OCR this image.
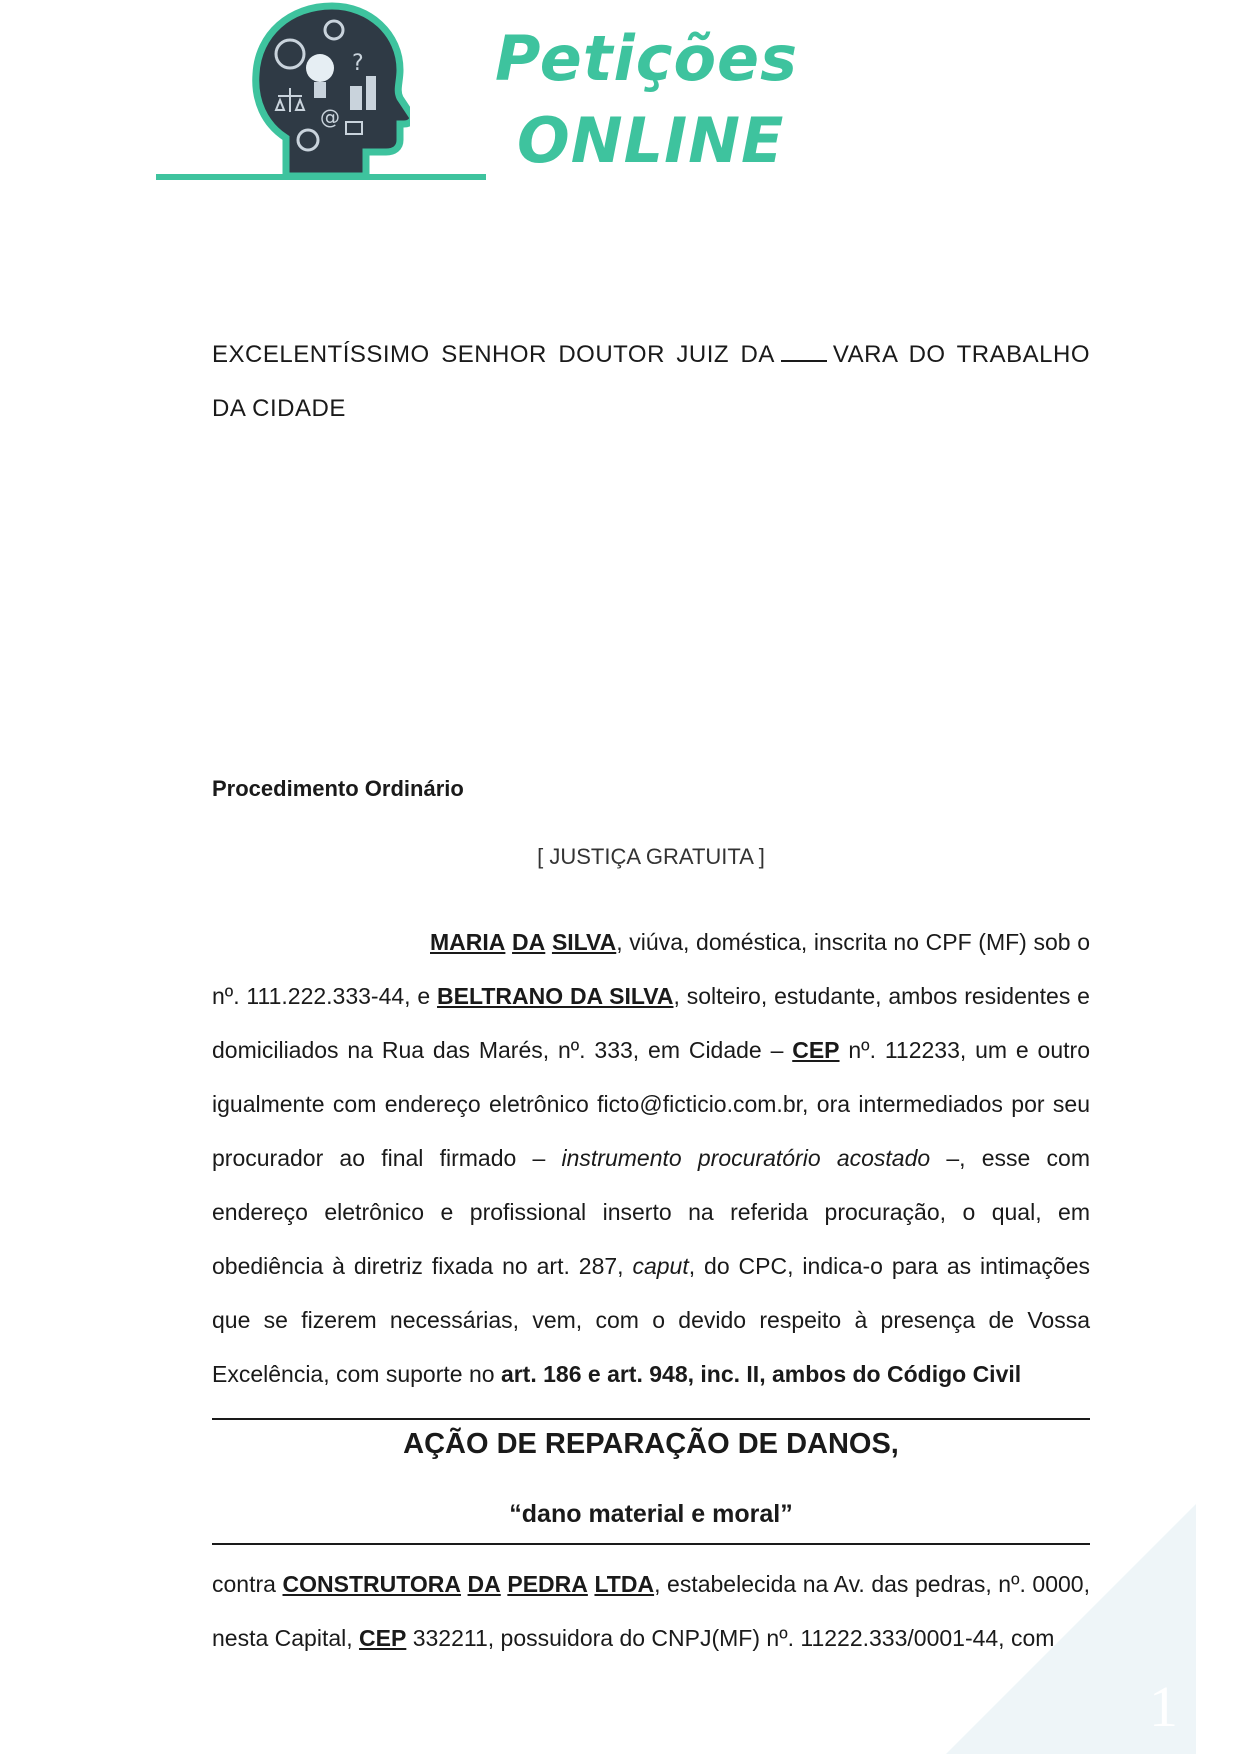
?
@
Petições
ONLINE
EXCELENTÍSSIMO SENHOR DOUTOR JUIZ DA VARA DO TRABALHO DA CIDADE
Procedimento Ordinário
[ JUSTIÇA GRATUITA ]
MARIA DA SILVA, viúva, doméstica, inscrita no CPF (MF) sob o nº. 111.222.333-44, e BELTRANO DA SILVA, solteiro, estudante, ambos residentes e domiciliados na Rua das Marés, nº. 333, em Cidade – CEP nº. 112233, um e outro igualmente com endereço eletrônico ficto@ficticio.com.br, ora intermediados por seu procurador ao final firmado – instrumento procuratório acostado –, esse com endereço eletrônico e profissional inserto na referida procuração, o qual, em obediência à diretriz fixada no art. 287, caput, do CPC, indica-o para as intimações que se fizerem necessárias, vem, com o devido respeito à presença de Vossa Excelência, com suporte no art. 186 e art. 948, inc. II, ambos do Código Civil
AÇÃO DE REPARAÇÃO DE DANOS,
“dano material e moral”
contra CONSTRUTORA DA PEDRA LTDA, estabelecida na Av. das pedras, nº. 0000, nesta Capital, CEP 332211, possuidora do CNPJ(MF) nº. 11222.333/0001-44, com
1
